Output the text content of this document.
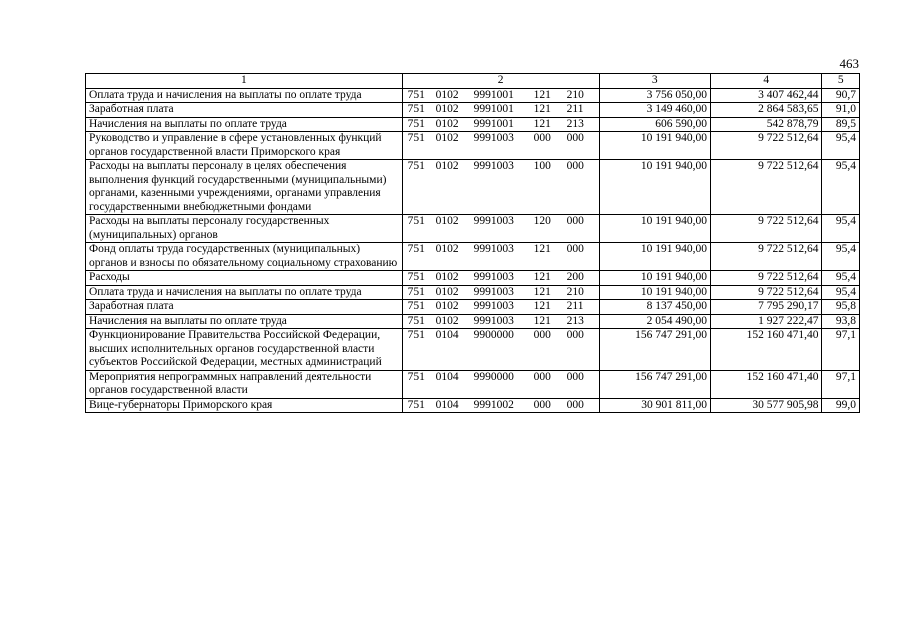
463
1	2	3	4	5
Оплата труда и начисления на выплаты по оплате труда	751 0102 9991001 121 210	3 756 050,00	3 407 462,44	90,7
Заработная плата	751 0102 9991001 121 211	3 149 460,00	2 864 583,65	91,0
Начисления на выплаты по оплате труда	751 0102 9991001 121 213	606 590,00	542 878,79	89,5
Руководство и управление в сфере установленных функций органов государственной власти Приморского края	751 0102 9991003 000 000	10 191 940,00	9 722 512,64	95,4
Расходы на выплаты персоналу в целях обеспечения выполнения функций государственными (муниципальными) органами, казенными учреждениями, органами управления государственными внебюджетными фондами	751 0102 9991003 100 000	10 191 940,00	9 722 512,64	95,4
Расходы на выплаты персоналу государственных (муниципальных) органов	751 0102 9991003 120 000	10 191 940,00	9 722 512,64	95,4
Фонд оплаты труда государственных (муниципальных) органов и взносы по обязательному социальному страхованию	751 0102 9991003 121 000	10 191 940,00	9 722 512,64	95,4
Расходы	751 0102 9991003 121 200	10 191 940,00	9 722 512,64	95,4
Оплата труда и начисления на выплаты по оплате труда	751 0102 9991003 121 210	10 191 940,00	9 722 512,64	95,4
Заработная плата	751 0102 9991003 121 211	8 137 450,00	7 795 290,17	95,8
Начисления на выплаты по оплате труда	751 0102 9991003 121 213	2 054 490,00	1 927 222,47	93,8
Функционирование Правительства Российской Федерации, высших исполнительных органов государственной власти субъектов Российской Федерации, местных администраций	751 0104 9900000 000 000	156 747 291,00	152 160 471,40	97,1
Мероприятия непрограммных направлений деятельности органов государственной власти	751 0104 9990000 000 000	156 747 291,00	152 160 471,40	97,1
Вице-губернаторы Приморского края	751 0104 9991002 000 000	30 901 811,00	30 577 905,98	99,0
